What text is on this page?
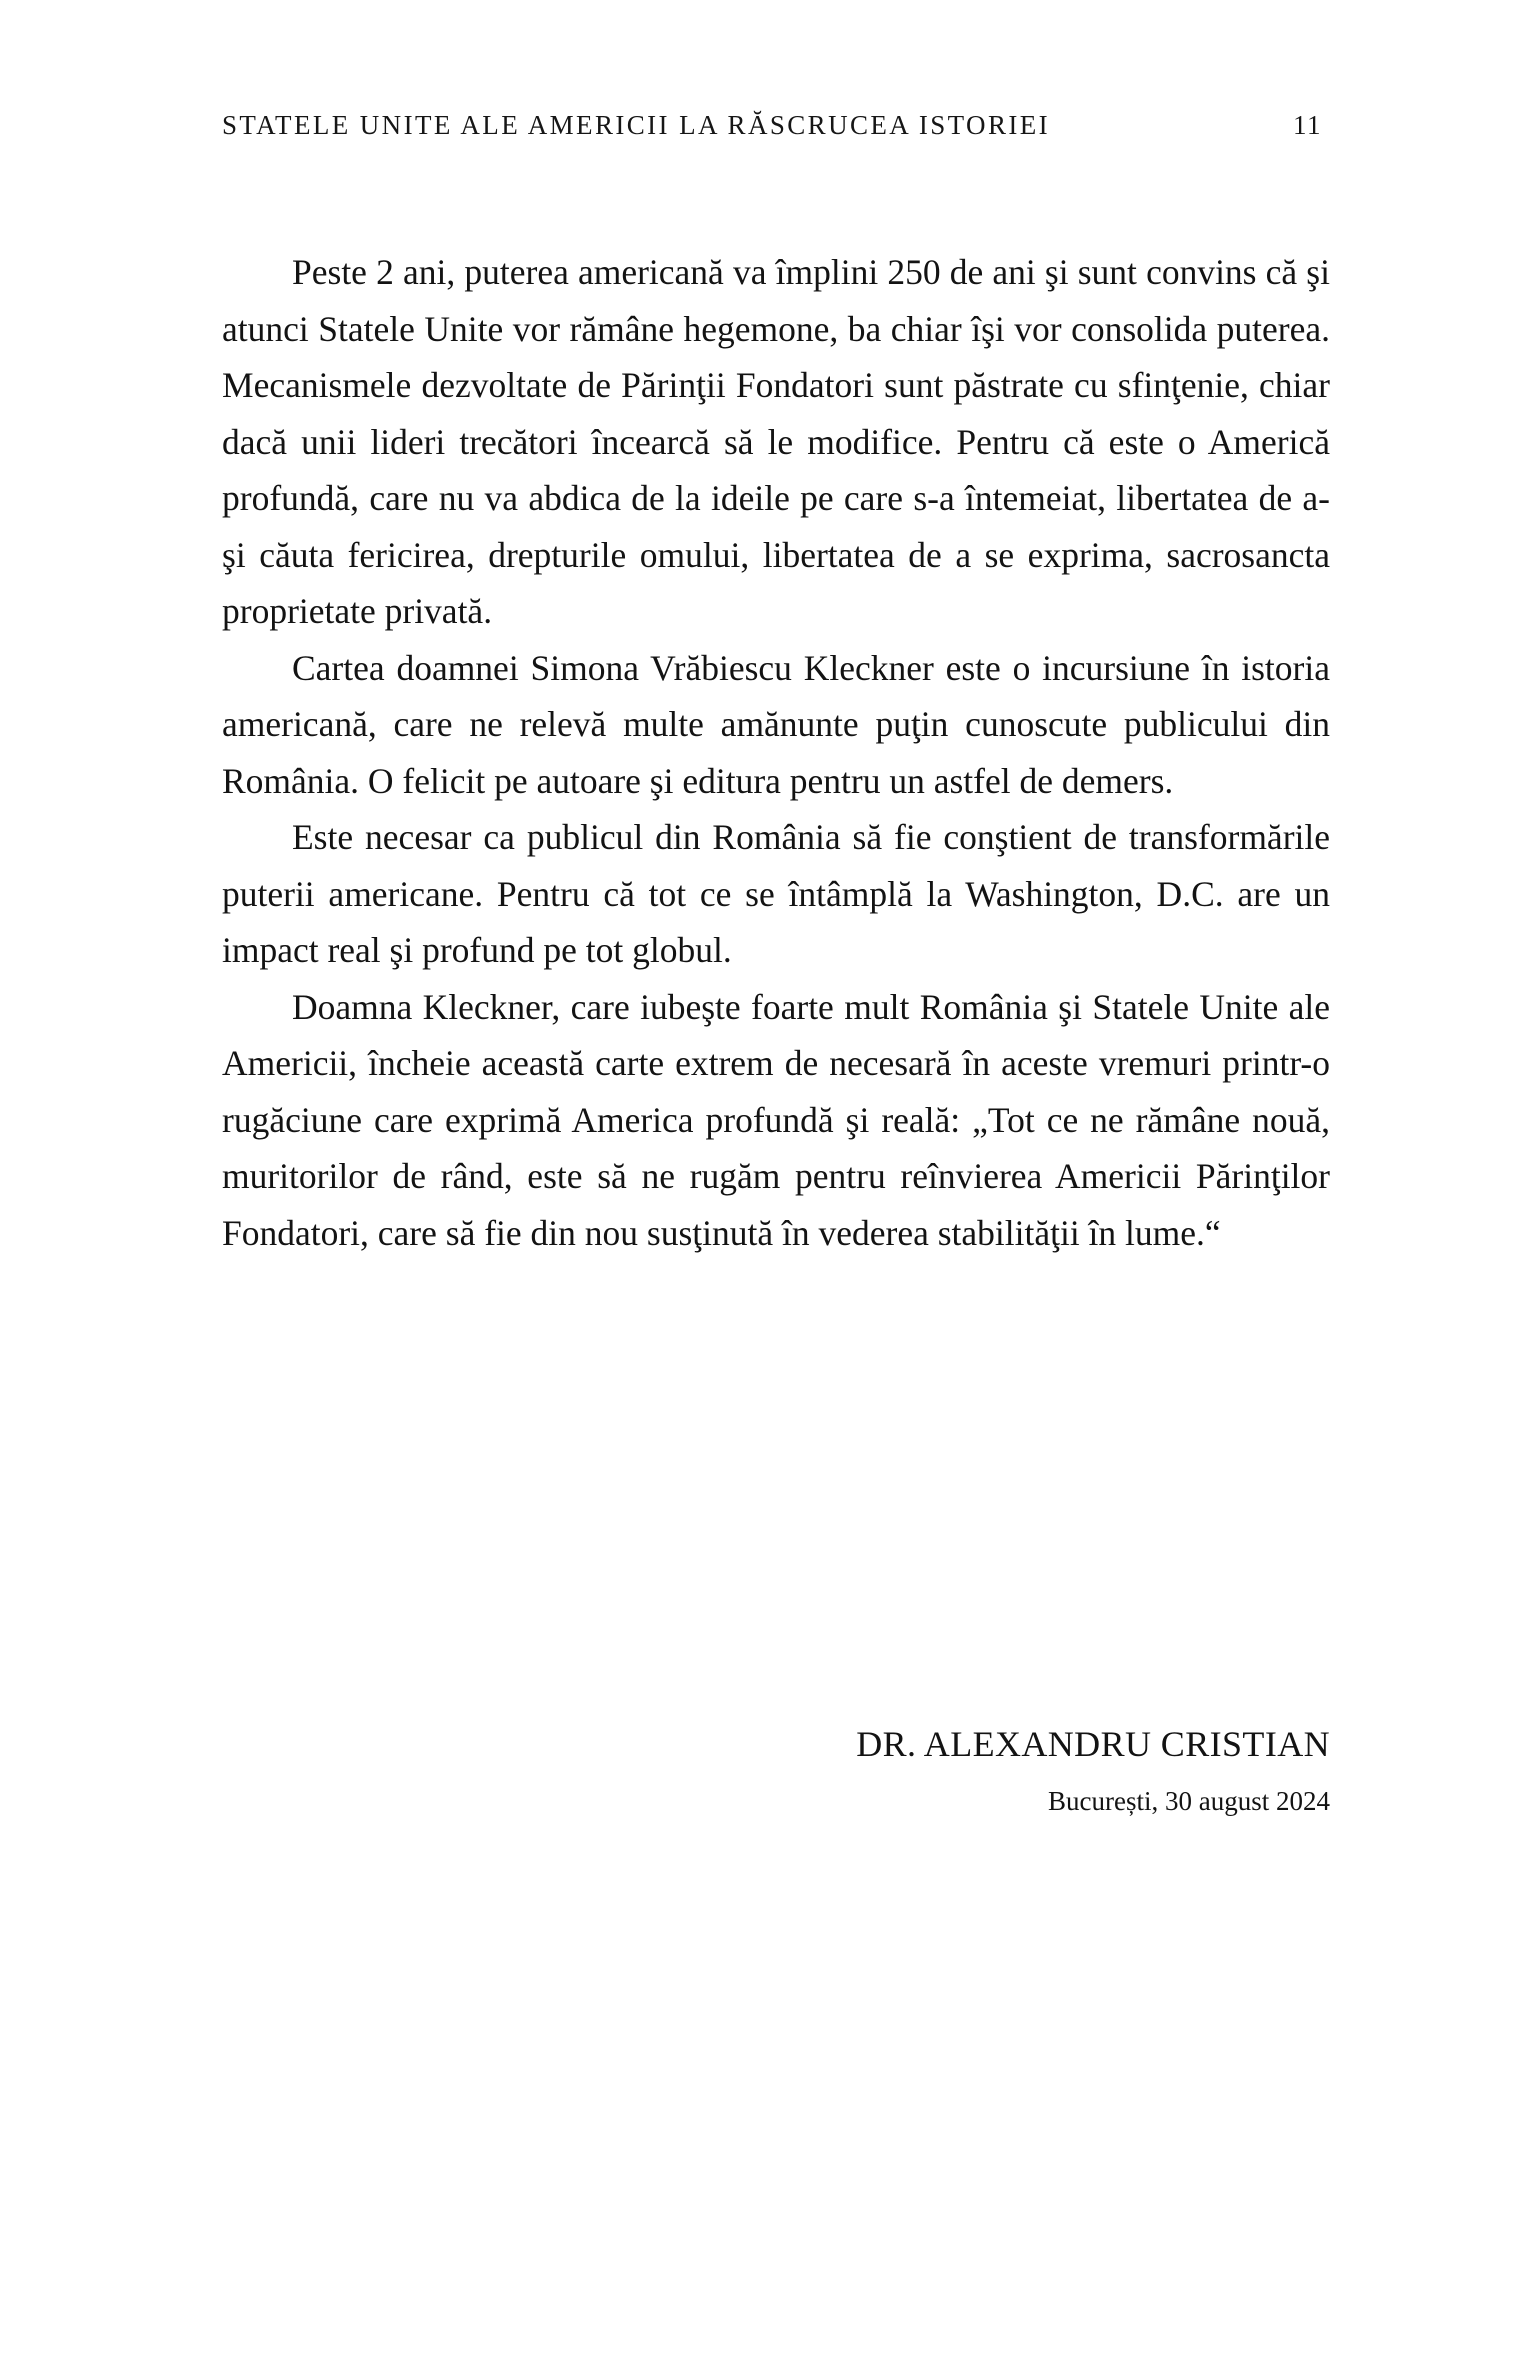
STATELE UNITE ALE AMERICII LA RĂSCRUCEA ISTORIEI	11

Peste 2 ani, puterea americană va împlini 250 de ani şi sunt convins că şi atunci Statele Unite vor rămâne hegemone, ba chiar îşi vor consolida puterea. Mecanismele dezvoltate de Părinţii Fondatori sunt păstrate cu sfinţenie, chiar dacă unii lideri trecători încearcă să le modifice. Pentru că este o Americă profundă, care nu va abdica de la ideile pe care s-a întemeiat, libertatea de a-şi căuta fericirea, drepturile omului, libertatea de a se exprima, sacrosancta proprietate privată.

Cartea doamnei Simona Vrăbiescu Kleckner este o incursiune în istoria americană, care ne relevă multe amănunte puţin cunoscute publicului din România. O felicit pe autoare şi editura pentru un astfel de demers.

Este necesar ca publicul din România să fie conştient de transformările puterii americane. Pentru că tot ce se întâmplă la Washington, D.C. are un impact real şi profund pe tot globul.

Doamna Kleckner, care iubeşte foarte mult România şi Statele Unite ale Americii, încheie această carte extrem de necesară în aceste vremuri printr-o rugăciune care exprimă America profundă şi reală: „Tot ce ne rămâne nouă, muritorilor de rând, este să ne rugăm pentru reînvierea Americii Părinţilor Fondatori, care să fie din nou susţinută în vederea stabilităţii în lume.“

DR. ALEXANDRU CRISTIAN
București, 30 august 2024
